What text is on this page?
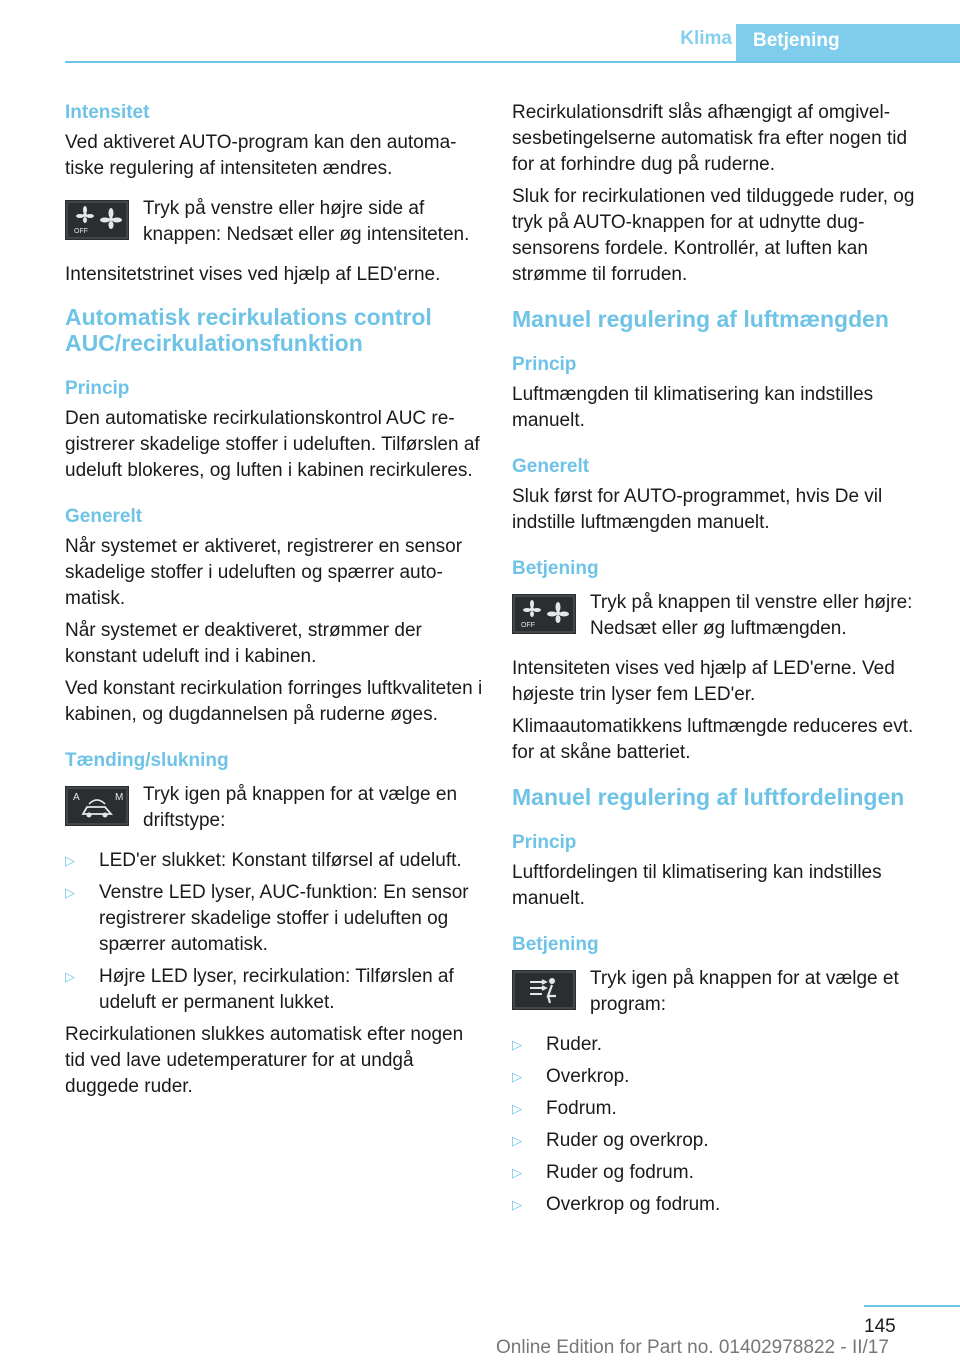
Klima	Betjening
Intensitet

Ved aktiveret AUTO-program kan den automatiske regulering af intensiteten ændres.

OFF
Tryk på venstre eller højre side af knappen: Nedsæt eller øg intensiteten.

Intensitetstrinet vises ved hjælp af LED'erne.

Automatisk recirkulations control AUC/recirkulationsfunktion
Princip

Den automatiske recirkulationskontrol AUC registrerer skadelige stoffer i udeluften. Tilførslen af udeluft blokeres, og luften i kabinen recirkuleres.

Generelt

Når systemet er aktiveret, registrerer en sensor skadelige stoffer i udeluften og spærrer automatisk.

Når systemet er deaktiveret, strømmer der konstant udeluft ind i kabinen.

Ved konstant recirkulation forringes luftkvaliteten i kabinen, og dugdannelsen på ruderne øges.

Tænding/slukning
A	M Tryk igen på knappen for at vælge en driftstype:
▷ LED'er slukket: Konstant tilførsel af udeluft.
▷ Venstre LED lyser, AUC-funktion: En sensor registrerer skadelige stoffer i udeluften og spærrer automatisk.
▷ Højre LED lyser, recirkulation: Tilførslen af udeluft er permanent lukket.

Recirkulationen slukkes automatisk efter nogen tid ved lave udetemperaturer for at undgå duggede ruder.

Recirkulationsdrift slås afhængigt af omgivelsesbetingelserne automatisk fra efter nogen tid for at forhindre dug på ruderne.

Sluk for recirkulationen ved tilduggede ruder, og tryk på AUTO-knappen for at udnytte dugsensorens fordele. Kontrollér, at luften kan strømme til forruden.

Manuel regulering af luftmængden
Princip

Luftmængden til klimatisering kan indstilles manuelt.

Generelt

Sluk først for AUTO-programmet, hvis De vil indstille luftmængden manuelt.

Betjening
OFF
Tryk på knappen til venstre eller højre: Nedsæt eller øg luftmængden.

Intensiteten vises ved hjælp af LED'erne. Ved højeste trin lyser fem LED'er.

Klimaautomatikkens luftmængde reduceres evt. for at skåne batteriet.

Manuel regulering af luftfordelingen
Princip

Luftfordelingen til klimatisering kan indstilles manuelt.

Betjening
Tryk igen på knappen for at vælge et program:
▷ Ruder.
▷ Overkrop.
▷ Fodrum.
▷ Ruder og overkrop.
▷ Ruder og fodrum.
▷ Overkrop og fodrum.
145
Online Edition for Part no. 01402978822 - II/17
